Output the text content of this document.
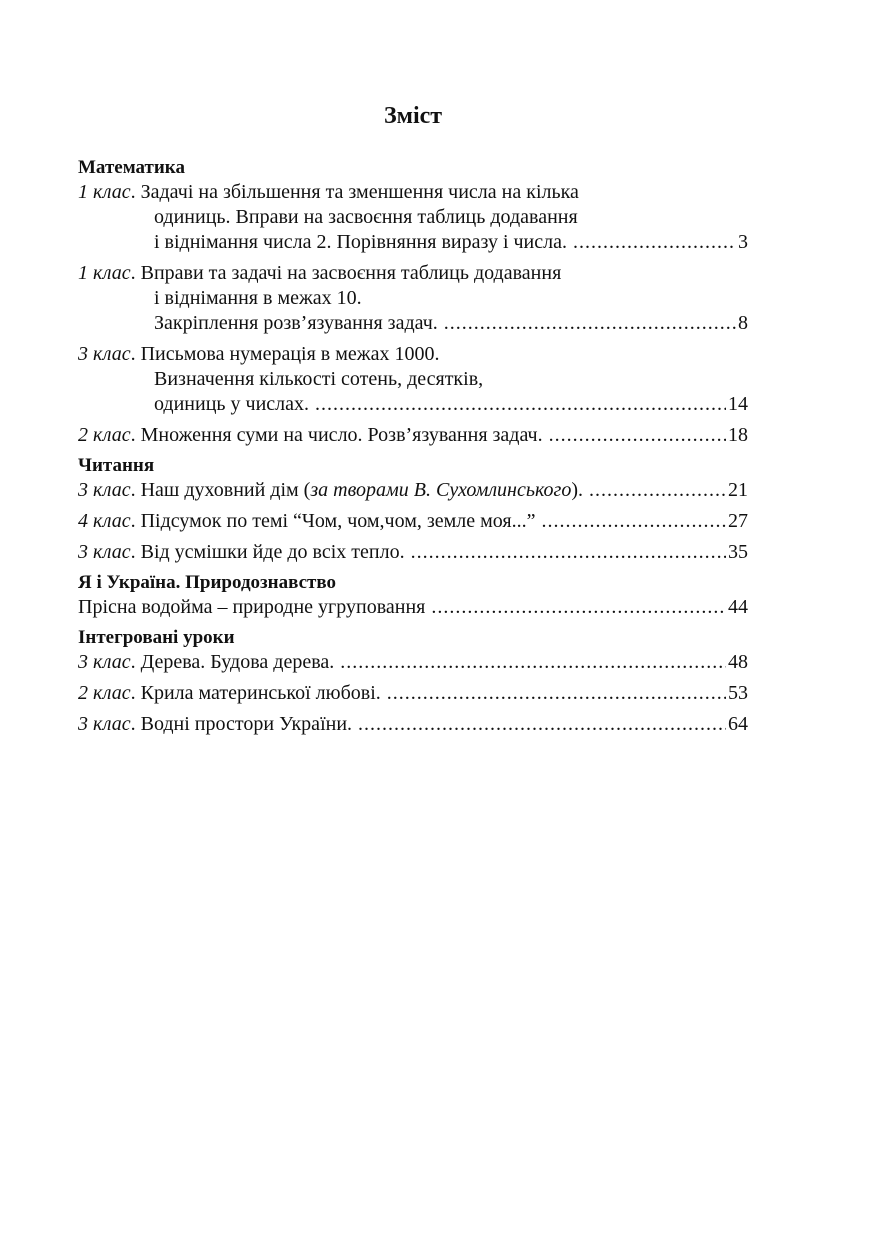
Зміст
Математика
1 клас . Задачі на збільшення та зменшення числа на кілька
одиниць. Вправи на засвоєння таблиць додавання
і віднімання числа 2. Порівняння виразу і числа. .....	3
1 клас . Вправи та задачі на засвоєння таблиць додавання
і віднімання в межах 10.
Закріплення розв’язування задач. .....	8
3 клас . Письмова нумерація в межах 1000.
Визначення кількості сотень, десятків,
одиниць у числах. .....	14
2 клас . Множення суми на число. Розв’язування задач. .....	18
Читання
3 клас . Наш духовний дім (за творами В. Сухомлинського). .....	21
4 клас . Підсумок по темі “Чом, чом,чом, земле моя...” .....	27
3 клас . Від усмішки йде до всіх тепло. .....	35
Я і Україна. Природознавство
Прісна водойма – природне угруповання .....	44
Інтегровані уроки
3 клас . Дерева. Будова дерева. .....	48
2 клас . Крила материнської любові. .....	53
3 клас . Водні простори України. .....	64
